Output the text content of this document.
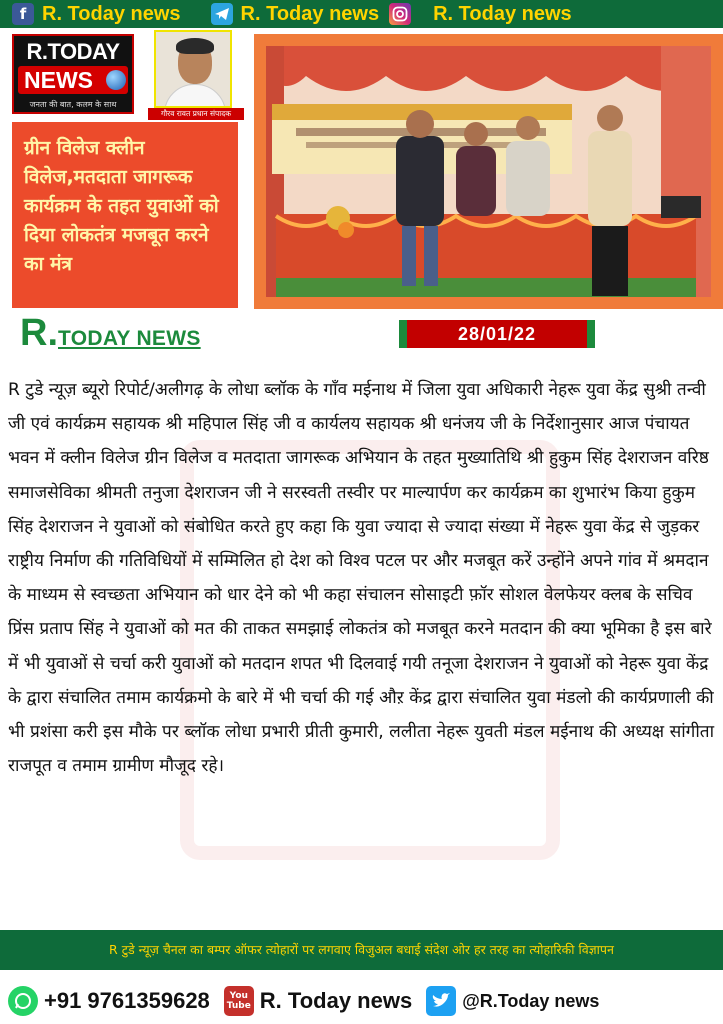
f R. Today news	R. Today news	R. Today news
R.TODAY
NEWS
जनता की बात, कलम के साथ
गौरव रावत प्रधान संपादक
ग्रीन विलेज क्लीन विलेज,मतदाता जागरूक कार्यक्रम के तहत युवाओं को दिया लोकतंत्र मजबूत करने का मंत्र
R.TODAY NEWS	28/01/22
R टुडे न्यूज़ ब्यूरो रिपोर्ट/अलीगढ़ के लोधा ब्लॉक के गाँव मईनाथ में जिला युवा अधिकारी नेहरू युवा केंद्र सुश्री तन्वी जी एवं कार्यक्रम सहायक श्री महिपाल सिंह जी व कार्यलय सहायक श्री धनंजय जी के निर्देशानुसार आज पंचायत भवन में क्लीन विलेज ग्रीन विलेज व मतदाता जागरूक अभियान के तहत मुख्यातिथि श्री हुकुम सिंह देशराजन वरिष्ठ समाजसेविका श्रीमती तनुजा देशराजन जी ने सरस्वती तस्वीर पर माल्यार्पण कर कार्यक्रम का शुभारंभ किया हुकुम सिंह देशराजन ने युवाओं को संबोधित करते हुए कहा कि युवा ज्यादा से ज्यादा संख्या में नेहरू युवा केंद्र से जुड़कर राष्ट्रीय निर्माण की गतिविधियों में सम्मिलित हो देश को विश्व पटल पर और मजबूत करें उन्होंने अपने गांव में श्रमदान के माध्यम से स्वच्छता अभियान को धार देने को भी कहा संचालन सोसाइटी फ़ॉर सोशल वेलफेयर क्लब के सचिव प्रिंस प्रताप सिंह ने युवाओं को मत की ताकत समझाई लोकतंत्र को मजबूत करने मतदान की क्या भूमिका है इस बारे में भी युवाओं से चर्चा करी युवाओं को मतदान शपत भी दिलवाई गयी तनूजा देशराजन ने युवाओं को नेहरू युवा केंद्र के द्वारा संचालित तमाम कार्यक्रमो के बारे में भी चर्चा की गई औऱ केंद्र द्वारा संचालित युवा मंडलो की कार्यप्रणाली की भी प्रशंसा करी इस मौके पर ब्लॉक लोधा प्रभारी प्रीती कुमारी, ललीता नेहरू युवती मंडल मईनाथ की अध्यक्ष सांगीता राजपूत व तमाम ग्रामीण मौजूद रहे।
R टुडे न्यूज़ चैनल का बम्पर ऑफर त्योहारों पर लगवाए विजुअल बधाई संदेश ओर हर तरह का त्योहारिकी विज्ञापन
+91 9761359628	You Tube R. Today news	@R.Today news
